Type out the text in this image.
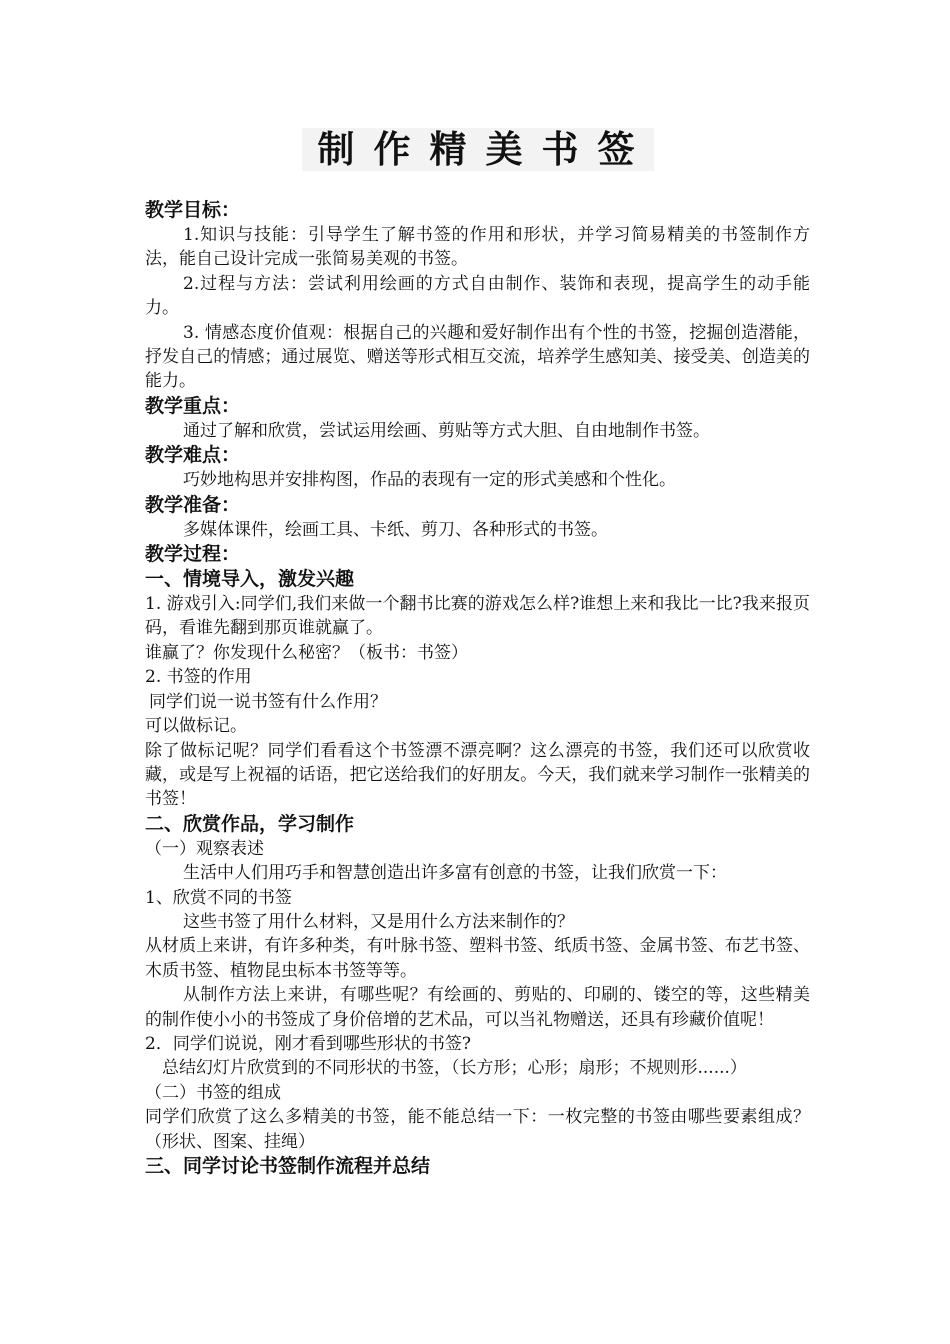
制作精美书签
教学目标：

1.知识与技能：引导学生了解书签的作用和形状，并学习简易精美的书签制作方法，能自己设计完成一张简易美观的书签。

2.过程与方法：尝试利用绘画的方式自由制作、装饰和表现，提高学生的动手能力。

3. 情感态度价值观：根据自己的兴趣和爱好制作出有个性的书签，挖掘创造潜能，抒发自己的情感；通过展览、赠送等形式相互交流，培养学生感知美、接受美、创造美的能力。

教学重点：

通过了解和欣赏，尝试运用绘画、剪贴等方式大胆、自由地制作书签。

教学难点：

巧妙地构思并安排构图，作品的表现有一定的形式美感和个性化。

教学准备：

多媒体课件，绘画工具、卡纸、剪刀、各种形式的书签。

教学过程：
一、情境导入，激发兴趣

1. 游戏引入:同学们,我们来做一个翻书比赛的游戏怎么样?谁想上来和我比一比?我来报页码，看谁先翻到那页谁就赢了。

谁赢了？你发现什么秘密？（板书：书签）

2. 书签的作用

同学们说一说书签有什么作用？

可以做标记。

除了做标记呢？同学们看看这个书签漂不漂亮啊？这么漂亮的书签，我们还可以欣赏收藏，或是写上祝福的话语，把它送给我们的好朋友。今天，我们就来学习制作一张精美的书签！

二、欣赏作品，学习制作

（一）观察表述

生活中人们用巧手和智慧创造出许多富有创意的书签，让我们欣赏一下：

1、欣赏不同的书签

这些书签了用什么材料，又是用什么方法来制作的？

从材质上来讲，有许多种类，有叶脉书签、塑料书签、纸质书签、金属书签、布艺书签、木质书签、植物昆虫标本书签等等。

从制作方法上来讲，有哪些呢？有绘画的、剪贴的、印刷的、镂空的等，这些精美的制作使小小的书签成了身价倍增的艺术品，可以当礼物赠送，还具有珍藏价值呢！

2．同学们说说，刚才看到哪些形状的书签?

总结幻灯片欣赏到的不同形状的书签，（长方形；心形；扇形；不规则形......）

（二）书签的组成

同学们欣赏了这么多精美的书签，能不能总结一下：一枚完整的书签由哪些要素组成？（形状、图案、挂绳）

三、同学讨论书签制作流程并总结
